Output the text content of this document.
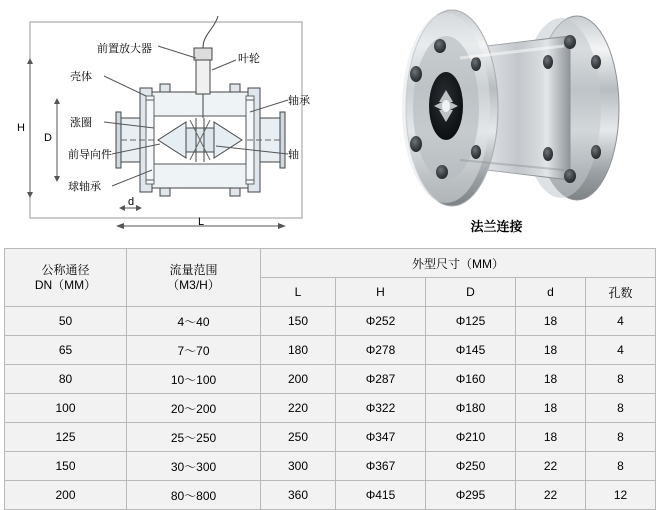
前置放大器
叶轮
壳体
轴承
涨圈
前导向件	轴
球轴承
H
D
d
L	法兰连接
公称通径
DN（MM）

流量范围
（M3/H）
	外型尺寸（MM）
		L	H	D	d	孔数
50	4～40	150	Φ252	Φ125	18	4
65	7～70	180	Φ278	Φ145	18	4
80	10～100	200	Φ287	Φ160	18	8
100	20～200	220	Φ322	Φ180	18	8
125	25～250	250	Φ347	Φ210	18	8
150	30～300	300	Φ367	Φ250	22	8
200	80～800	360	Φ415	Φ295	22	12
